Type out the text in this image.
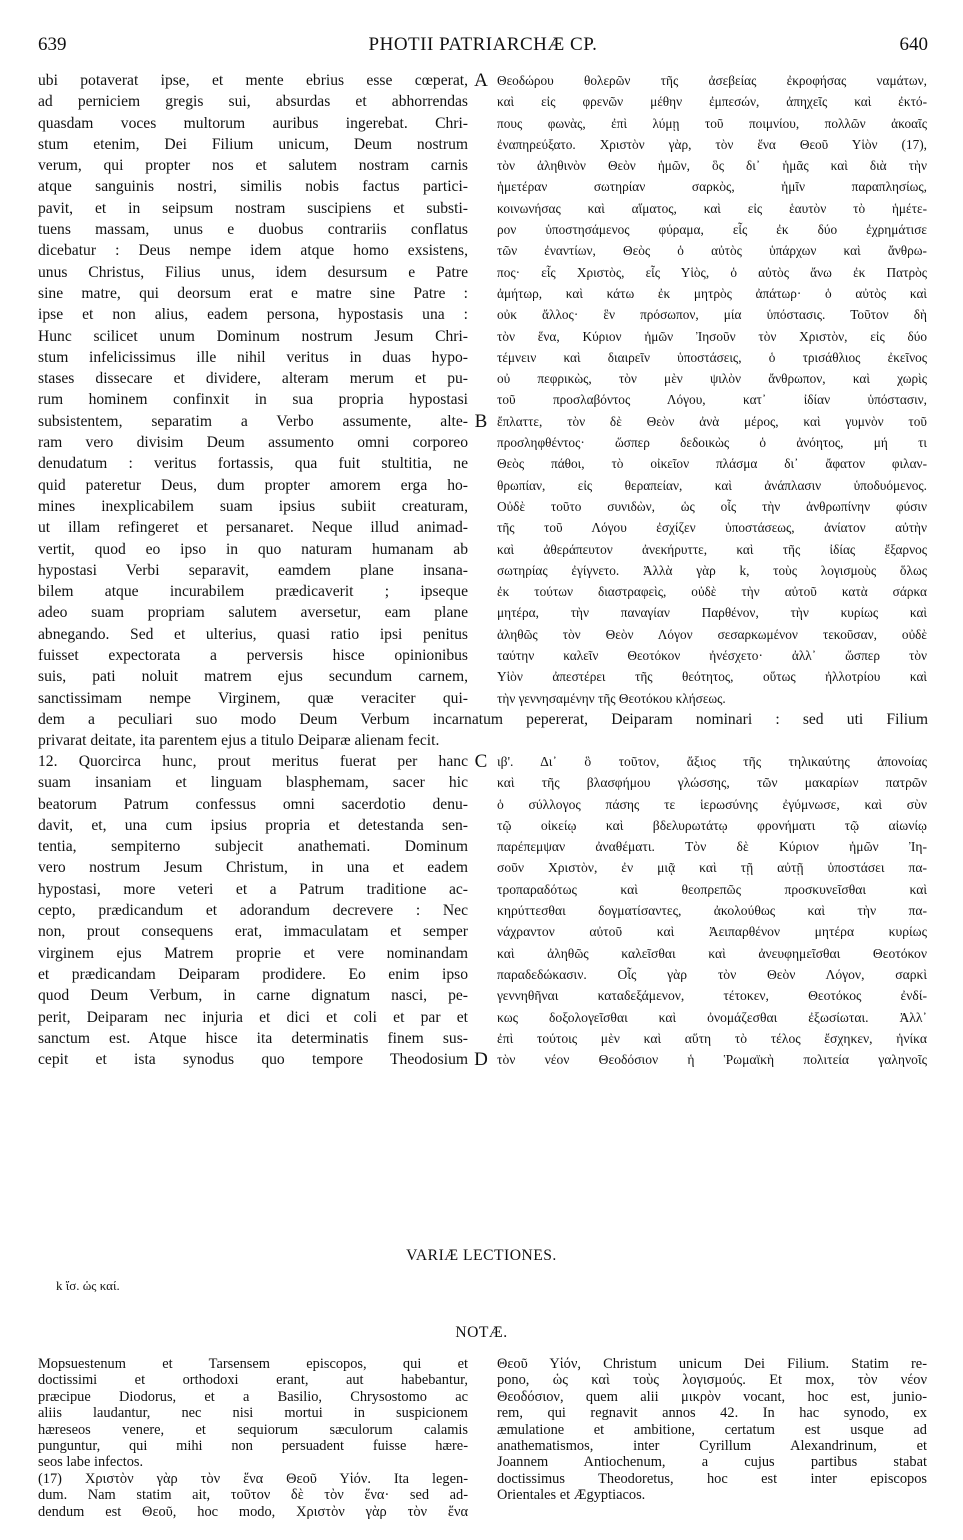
639	PHOTII PATRIARCHÆ CP.	640
ubi potaverat ipse, et mente ebrius esse cœperat,
ad perniciem gregis sui, absurdas et abhorrendas
quasdam voces multorum auribus ingerebat. Chri-
stum etenim, Dei Filium unicum, Deum nostrum
verum, qui propter nos et salutem nostram carnis
atque sanguinis nostri, similis nobis factus partici-
pavit, et in seipsum nostram suscipiens et substi-
tuens massam, unus e duobus contrariis conflatus
dicebatur : Deus nempe idem atque homo exsistens,
unus Christus, Filius unus, idem desursum e Patre
sine matre, qui deorsum erat e matre sine Patre :
ipse et non alius, eadem persona, hypostasis una :
Hunc scilicet unum Dominum nostrum Jesum Chri-
stum infelicissimus ille nihil veritus in duas hypo-
stases dissecare et dividere, alteram merum et pu-
rum hominem confinxit in sua propria hypostasi
subsistentem, separatim a Verbo assumente, alte-
ram vero divisim Deum assumento omni corporeo
denudatum : veritus fortassis, qua fuit stultitia, ne
quid pateretur Deus, dum propter amorem erga ho-
mines inexplicabilem suam ipsius subiit creaturam,
ut illam refingeret et persanaret. Neque illud animad-
vertit, quod eo ipso in quo naturam humanam ab
hypostasi Verbi separavit, eamdem plane insana-
bilem atque incurabilem prædicaverit ; ipseque
adeo suam propriam salutem aversetur, eam plane
abnegando. Sed et ulterius, quasi ratio ipsi penitus
fuisset expectorata a perversis hisce opinionibus
suis, pati noluit matrem ejus secundum carnem,
sanctissimam nempe Virginem, quæ veraciter qui-
Θεοδώρου θολερῶν τῆς ἀσεβείας ἐκροφήσας ναμάτων,
καὶ εἰς φρενῶν μέθην ἐμπεσών, ἀπηχεῖς καὶ ἐκτό-
πους φωνὰς, ἐπὶ λύμῃ τοῦ ποιμνίου, πολλῶν ἀκοαῖς
ἐναπηρεύξατο. Χριστὸν γὰρ, τὸν ἕνα Θεοῦ Υἱὸν (17),
τὸν ἀληθινὸν Θεὸν ἡμῶν, ὃς δι᾽ ἡμᾶς καὶ διὰ τὴν
ἡμετέραν σωτηρίαν σαρκὸς, ἡμῖν παραπλησίως,
κοινωνήσας καὶ αἵματος, καὶ εἰς ἑαυτὸν τὸ ἡμέτε-
ρον ὑποστησάμενος φύραμα, εἷς ἐκ δύο ἐχρημάτισε
τῶν ἐναντίων, Θεὸς ὁ αὐτὸς ὑπάρχων καὶ ἄνθρω-
πος· εἷς Χριστὸς, εἷς Υἱὸς, ὁ αὐτὸς ἄνω ἐκ Πατρὸς
ἀμήτωρ, καὶ κάτω ἐκ μητρὸς ἀπάτωρ· ὁ αὐτὸς καὶ
οὐκ ἄλλος· ἓν πρόσωπον, μία ὑπόστασις. Τοῦτον δὴ
τὸν ἕνα, Κύριον ἡμῶν Ἰησοῦν τὸν Χριστὸν, εἰς δύο
τέμνειν καὶ διαιρεῖν ὑποστάσεις, ὁ τρισάθλιος ἐκεῖνος
οὐ πεφρικὼς, τὸν μὲν ψιλὸν ἄνθρωπον, καὶ χωρὶς
τοῦ προσλαβόντος Λόγου, κατ᾽ ἰδίαν ὑπόστασιν,
ἔπλαττε, τὸν δὲ Θεὸν ἀνὰ μέρος, καὶ γυμνὸν τοῦ
προσληφθέντος· ὥσπερ δεδοικὼς ὁ ἀνόητος, μή τι
Θεὸς πάθοι, τὸ οἰκεῖον πλάσμα δι᾽ ἄφατον φιλαν-
θρωπίαν, εἰς θεραπείαν, καὶ ἀνάπλασιν ὑποδυόμενος.
Οὐδὲ τοῦτο συνιδὼν, ὡς οἷς τὴν ἀνθρωπίνην φύσιν
τῆς τοῦ Λόγου ἐσχίζεν ὑποστάσεως, ἀνίατον αὐτὴν
καὶ ἀθεράπευτον ἀνεκήρυττε, καὶ τῆς ἰδίας ἔξαρνος
σωτηρίας ἐγίγνετο. Ἀλλὰ γὰρ k, τοὺς λογισμοὺς ὅλως
ἐκ τούτων διαστραφεὶς, οὐδὲ τὴν αὐτοῦ κατὰ σάρκα
μητέρα, τὴν παναγίαν Παρθένον, τὴν κυρίως καὶ
ἀληθῶς τὸν Θεὸν Λόγον σεσαρκωμένον τεκοῦσαν, οὐδὲ
ταύτην καλεῖν Θεοτόκον ἠνέσχετο· ἀλλ᾽ ὥσπερ τὸν
Υἱὸν ἀπεστέρει τῆς θεότητος, οὕτως ἠλλοτρίου καὶ
τὴν γεννησαμένην τῆς Θεοτόκου κλήσεως.
A
B
dem a peculiari suo modo Deum Verbum incarnatum pepererat, Deiparam nominari : sed uti Filium
privarat deitate, ita parentem ejus a titulo Deiparæ alienam fecit.
12. Quorcirca hunc, prout meritus fuerat per hanc
suam insaniam et linguam blasphemam, sacer hic
beatorum Patrum confessus omni sacerdotio denu-
davit, et, una cum ipsius propria et detestanda sen-
tentia, sempiterno subjecit anathemati. Dominum
vero nostrum Jesum Christum, in una et eadem
hypostasi, more veteri et a Patrum traditione ac-
cepto, prædicandum et adorandum decrevere : Nec
non, prout consequens erat, immaculatam et semper
virginem ejus Matrem proprie et vere nominandam
et prædicandam Deiparam prodidere. Eo enim ipso
quod Deum Verbum, in carne dignatum nasci, pe-
perit, Deiparam nec injuria et dici et coli et par et
sanctum est. Atque hisce ita determinatis finem sus-
cepit et ista synodus quo tempore Theodosium
ιβ'. Δι᾽ ὃ τοῦτον, ἄξιος τῆς τηλικαύτης ἀπονοίας
καὶ τῆς βλασφήμου γλώσσης, τῶν μακαρίων πατρῶν
ὁ σύλλογος πάσης τε ἱερωσύνης ἐγύμνωσε, καὶ σὺν
τῷ οἰκείῳ καὶ βδελυρωτάτῳ φρονήματι τῷ αἰωνίῳ
παρέπεμψαν ἀναθέματι. Τὸν δὲ Κύριον ἡμῶν Ἰη-
σοῦν Χριστὸν, ἐν μιᾷ καὶ τῇ αὐτῇ ὑποστάσει πα-
τροπαραδότως καὶ θεοπρεπῶς προσκυνεῖσθαι καὶ
κηρύττεσθαι δογματίσαντες, ἀκολούθως καὶ τὴν πα-
νάχραντον αὐτοῦ καὶ Ἀειπαρθένον μητέρα κυρίως
καὶ ἀληθῶς καλεῖσθαι καὶ ἀνευφημεῖσθαι Θεοτόκον
παραδεδώκασιν. Οἷς γὰρ τὸν Θεὸν Λόγον, σαρκὶ
γεννηθῆναι καταδεξάμενον, τέτοκεν, Θεοτόκος ἐνδί-
κως δοξολογεῖσθαι καὶ ὀνομάζεσθαι ἐξωσίωται. Ἀλλ᾽
ἐπὶ τούτοις μὲν καὶ αὕτη τὸ τέλος ἔσχηκεν, ἡνίκα
τὸν νέον Θεοδόσιον ἡ Ῥωμαϊκὴ πολιτεία γαληνοῖς
C
D
VARIÆ LECTIONES.
k ἴσ. ὡς καί.
NOTÆ.
Mopsuestenum et Tarsensem episcopos, qui et
doctissimi et orthodoxi erant, aut habebantur,
præcipue Diodorus, et a Basilio, Chrysostomo ac
aliis laudantur, nec nisi mortui in suspicionem
hæreseos venere, et sequiorum sæculorum calamis
punguntur, qui mihi non persuadent fuisse hære-
seos labe infectos.
(17) Χριστὸν γὰρ τὸν ἕνα Θεοῦ Υἱόν. Ita legen-
dum. Nam statim ait, τοῦτον δὲ τὸν ἕνα· sed ad-
dendum est Θεοῦ, hoc modo, Χριστὸν γὰρ τὸν ἕνα
Θεοῦ Υἱόν, Christum unicum Dei Filium. Statim re-
pono, ὡς καὶ τοὺς λογισμούς. Et mox, τὸν νέον
Θεοδόσιον, quem alii μικρὸν vocant, hoc est, junio-
rem, qui regnavit annos 42. In hac synodo, ex
æmulatione et ambitione, certatum est usque ad
anathematismos, inter Cyrillum Alexandrinum, et
Joannem Antiochenum, a cujus partibus stabat
doctissimus Theodoretus, hoc est inter episcopos
Orientales et Ægyptiacos.
